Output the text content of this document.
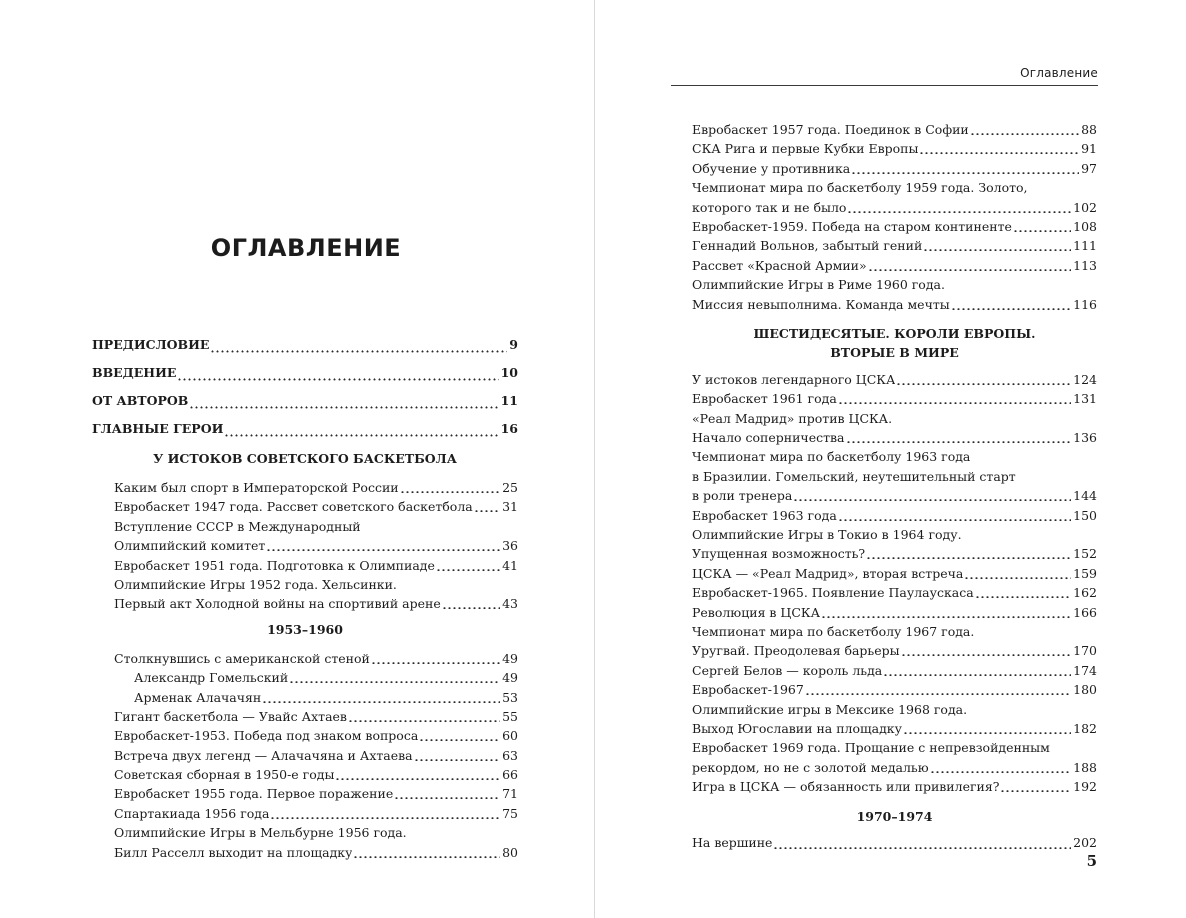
ОГЛАВЛЕНИЕ
ПРЕДИСЛОВИЕ	9
ВВЕДЕНИЕ	10
ОТ АВТОРОВ	11
ГЛАВНЫЕ ГЕРОИ	16
У ИСТОКОВ СОВЕТСКОГО БАСКЕТБОЛА
Каким был спорт в Императорской России	25
Евробаскет 1947 года. Рассвет советского баскетбола 31
Вступление СССР в Международный
Олимпийский комитет	36
Евробаскет 1951 года. Подготовка к Олимпиаде	41
Олимпийские Игры 1952 года. Хельсинки.
Первый акт Холодной войны на спортивий арене	43
1953–1960
Столкнувшись с американской стеной	49
Александр Гомельский	49
Арменак Алачачян	53
Гигант баскетбола — Увайс Ахтаев	55
Евробаскет-1953. Победа под знаком вопроса	60
Встреча двух легенд — Алачачяна и Ахтаева	63
Советская сборная в 1950-е годы	66
Евробаскет 1955 года. Первое поражение	71
Спартакиада 1956 года	75
Олимпийские Игры в Мельбурне 1956 года.
Билл Расселл выходит на площадку	80
Оглавление
Евробаскет 1957 года. Поединок в Софии	88
СКА Рига и первые Кубки Европы	91
Обучение у противника	97
Чемпионат мира по баскетболу 1959 года. Золото,
которого так и не было	102
Евробаскет-1959. Победа на старом континенте	108
Геннадий Вольнов, забытый гений	111
Рассвет «Красной Армии»	113
Олимпийские Игры в Риме 1960 года.
Миссия невыполнима. Команда мечты	116
ШЕСТИДЕСЯТЫЕ. КОРОЛИ ЕВРОПЫ.
ВТОРЫЕ В МИРЕ
У истоков легендарного ЦСКА	124
Евробаскет 1961 года	131
«Реал Мадрид» против ЦСКА.
Начало соперничества	136
Чемпионат мира по баскетболу 1963 года
в Бразилии. Гомельский, неутешительный старт
в роли тренера	144
Евробаскет 1963 года	150
Олимпийские Игры в Токио в 1964 году.
Упущенная возможность?	152
ЦСКА — «Реал Мадрид», вторая встреча	159
Евробаскет-1965. Появление Паулаускаса	162
Революция в ЦСКА	166
Чемпионат мира по баскетболу 1967 года.
Уругвай. Преодолевая барьеры	170
Сергей Белов — король льда	174
Евробаскет-1967	180
Олимпийские игры в Мексике 1968 года.
Выход Югославии на площадку	182
Евробаскет 1969 года. Прощание с непревзойденным
рекордом, но не с золотой медалью	188
Игра в ЦСКА — обязанность или привилегия?	192
1970–1974
На вершине	202
5
